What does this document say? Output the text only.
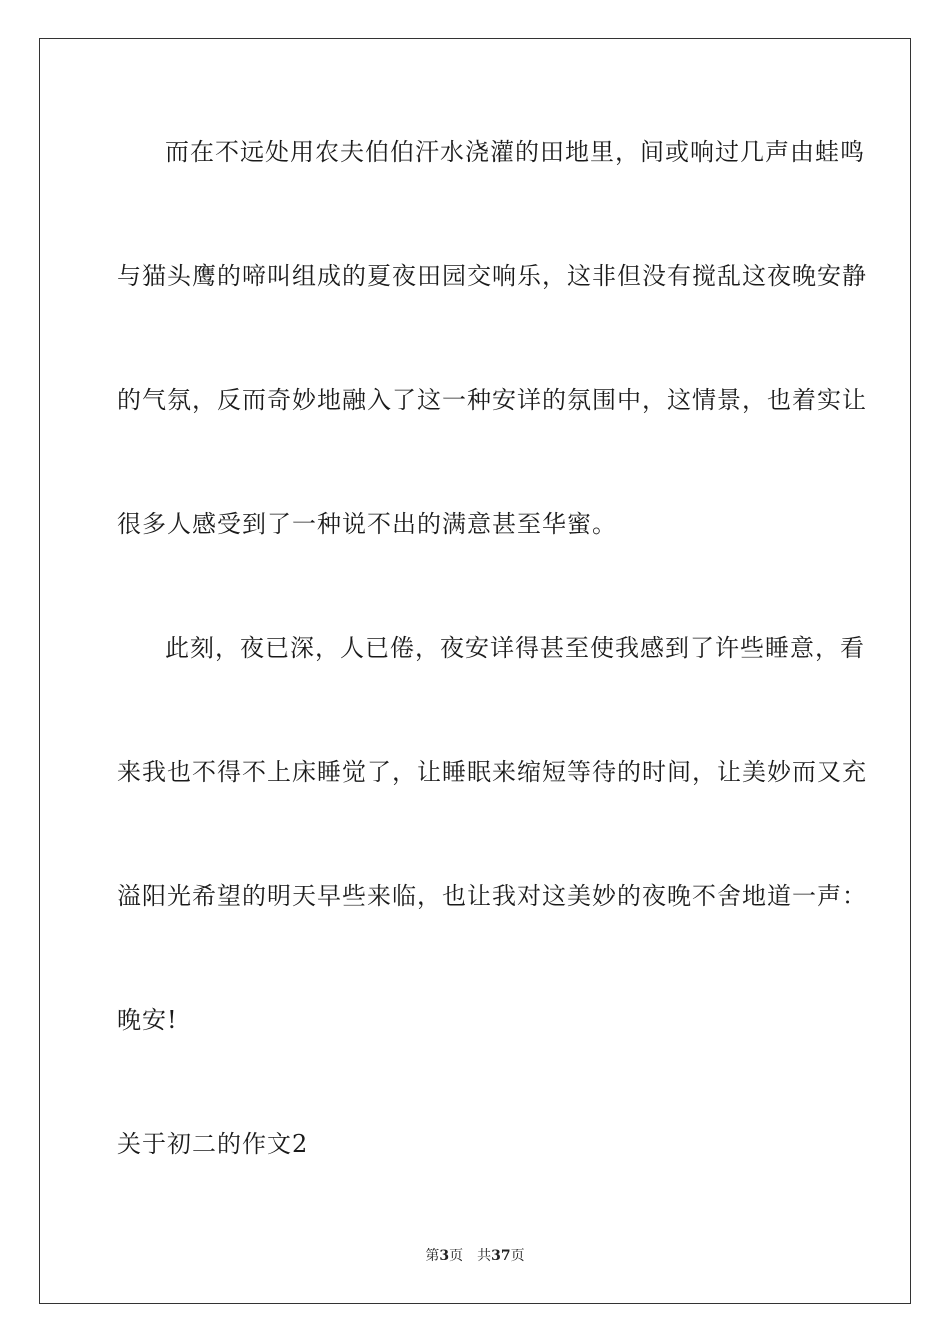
而在不远处用农夫伯伯汗水浇灌的田地里，间或响过几声由蛙鸣
与猫头鹰的啼叫组成的夏夜田园交响乐，这非但没有搅乱这夜晚安静
的气氛，反而奇妙地融入了这一种安详的氛围中，这情景，也着实让
很多人感受到了一种说不出的满意甚至华蜜。
此刻，夜已深，人已倦，夜安详得甚至使我感到了许些睡意，看
来我也不得不上床睡觉了，让睡眠来缩短等待的时间，让美妙而又充
溢阳光希望的明天早些来临，也让我对这美妙的夜晚不舍地道一声：
晚安!
关于初二的作文2
第3页 共37页
